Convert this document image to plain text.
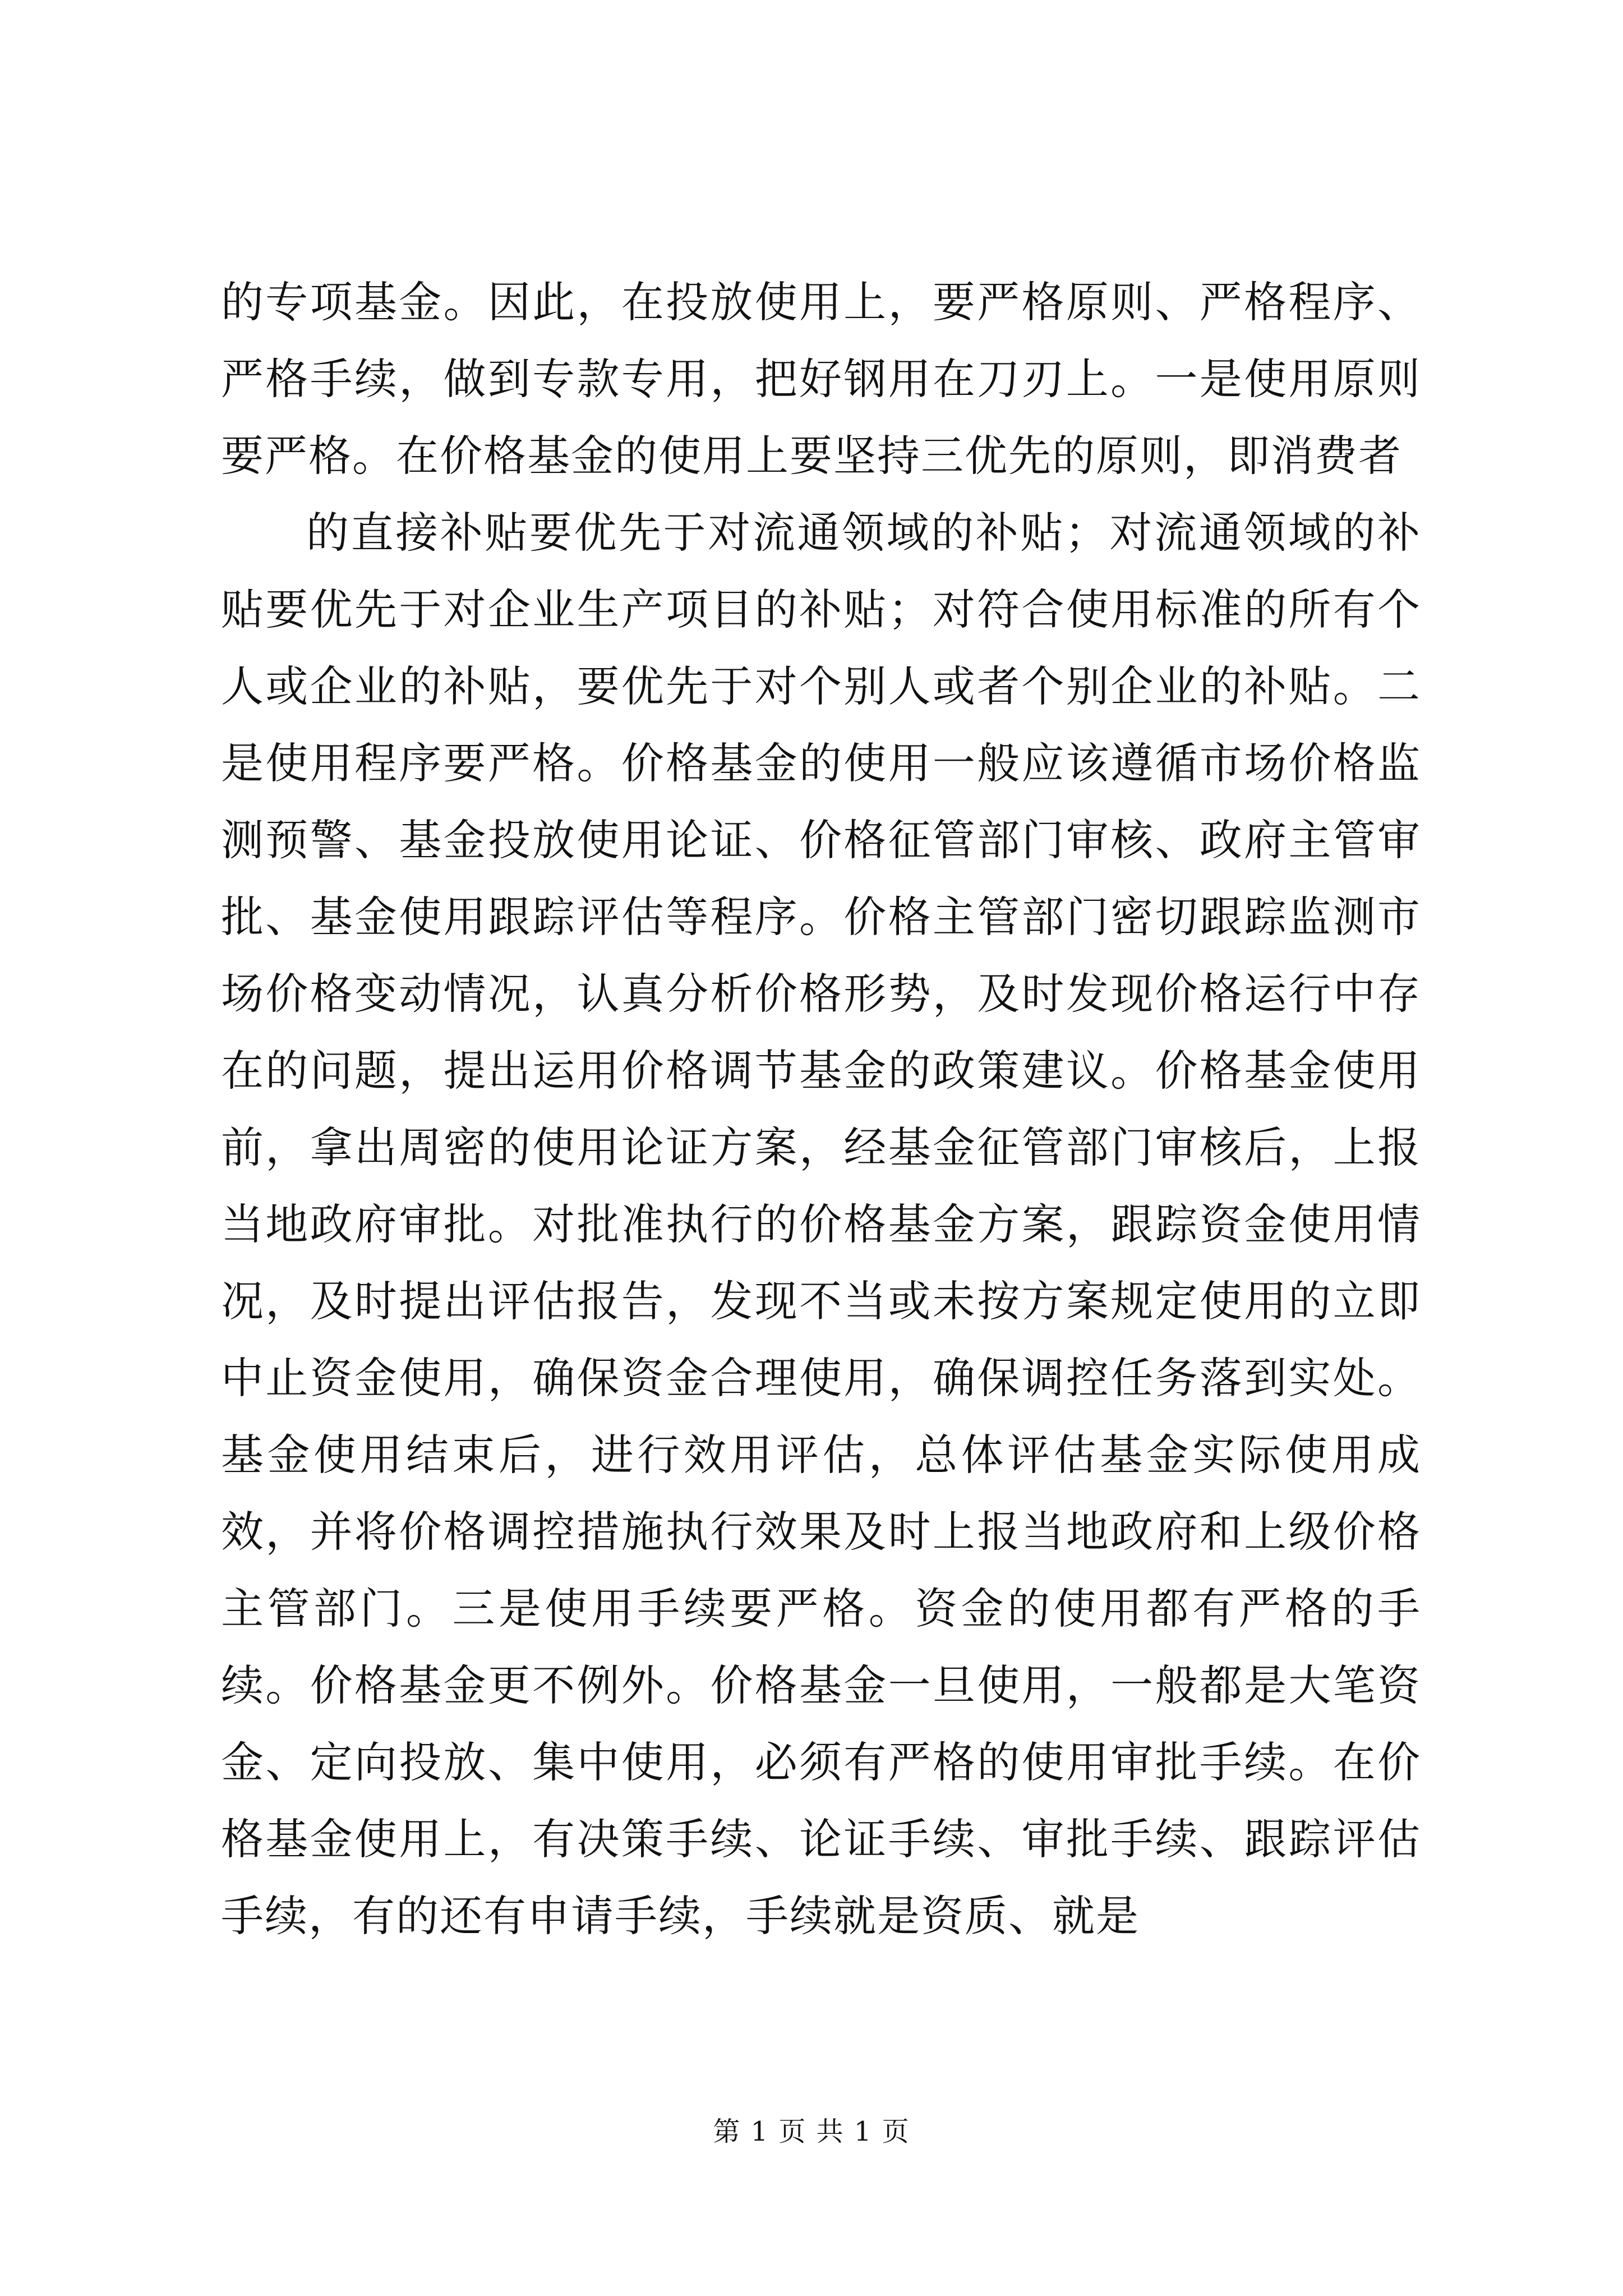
的专项基金。因此，在投放使用上，要严格原则、严格程序、严格手续，做到专款专用，把好钢用在刀刃上。一是使用原则要严格。在价格基金的使用上要坚持三优先的原则，即消费者

的直接补贴要优先于对流通领域的补贴；对流通领域的补贴要优先于对企业生产项目的补贴；对符合使用标准的所有个人或企业的补贴，要优先于对个别人或者个别企业的补贴。二是使用程序要严格。价格基金的使用一般应该遵循市场价格监测预警、基金投放使用论证、价格征管部门审核、政府主管审批、基金使用跟踪评估等程序。价格主管部门密切跟踪监测市场价格变动情况，认真分析价格形势，及时发现价格运行中存在的问题，提出运用价格调节基金的政策建议。价格基金使用前，拿出周密的使用论证方案，经基金征管部门审核后，上报当地政府审批。对批准执行的价格基金方案，跟踪资金使用情况，及时提出评估报告，发现不当或未按方案规定使用的立即中止资金使用，确保资金合理使用，确保调控任务落到实处。基金使用结束后，进行效用评估，总体评估基金实际使用成效，并将价格调控措施执行效果及时上报当地政府和上级价格主管部门。三是使用手续要严格。资金的使用都有严格的手续。价格基金更不例外。价格基金一旦使用，一般都是大笔资金、定向投放、集中使用，必须有严格的使用审批手续。在价格基金使用上，有决策手续、论证手续、审批手续、跟踪评估手续，有的还有申请手续，手续就是资质、就是

第 1 页 共 1 页
